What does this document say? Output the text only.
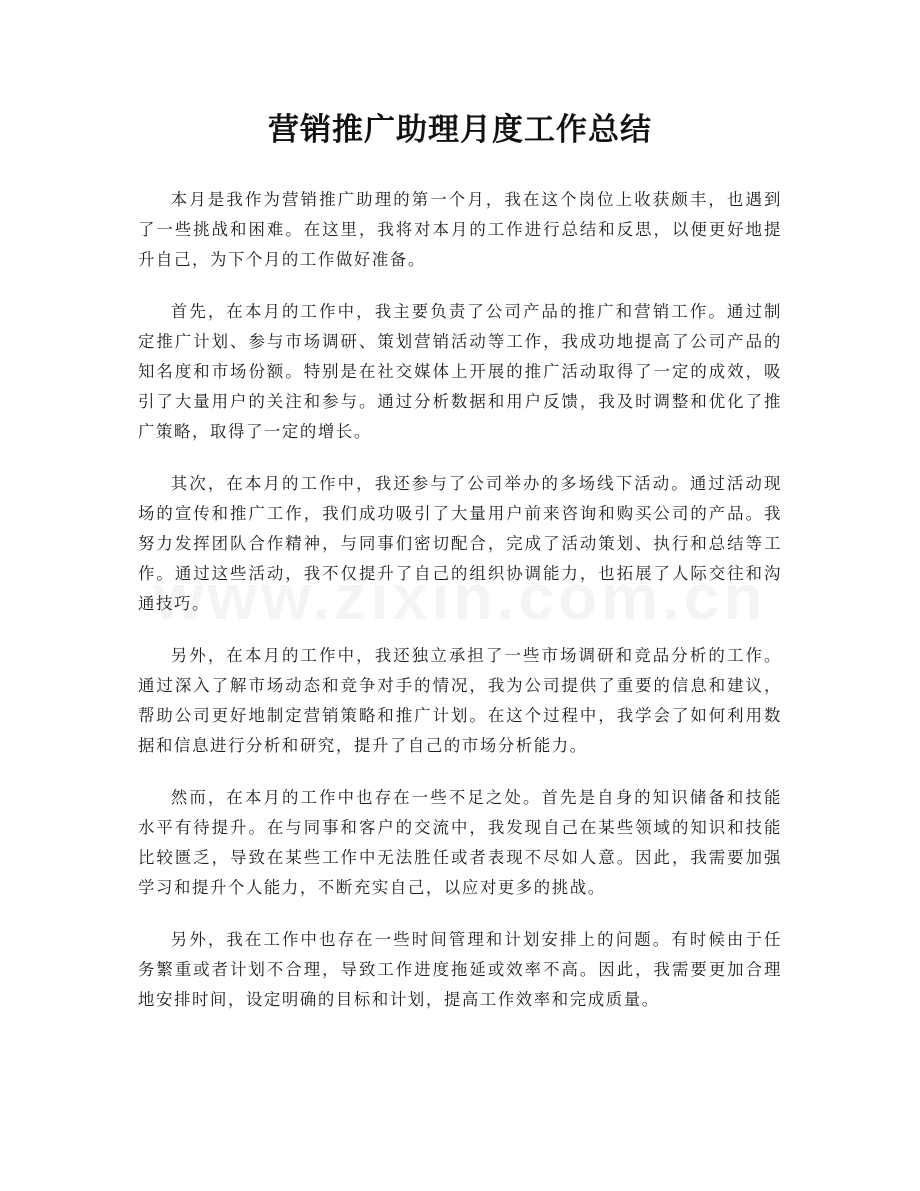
营销推广助理月度工作总结

本月是我作为营销推广助理的第一个月，我在这个岗位上收获颇丰，也遇到了一些挑战和困难。在这里，我将对本月的工作进行总结和反思，以便更好地提升自己，为下个月的工作做好准备。

首先，在本月的工作中，我主要负责了公司产品的推广和营销工作。通过制定推广计划、参与市场调研、策划营销活动等工作，我成功地提高了公司产品的知名度和市场份额。特别是在社交媒体上开展的推广活动取得了一定的成效，吸引了大量用户的关注和参与。通过分析数据和用户反馈，我及时调整和优化了推广策略，取得了一定的增长。

其次，在本月的工作中，我还参与了公司举办的多场线下活动。通过活动现场的宣传和推广工作，我们成功吸引了大量用户前来咨询和购买公司的产品。我努力发挥团队合作精神，与同事们密切配合，完成了活动策划、执行和总结等工作。通过这些活动，我不仅提升了自己的组织协调能力，也拓展了人际交往和沟通技巧。

另外，在本月的工作中，我还独立承担了一些市场调研和竞品分析的工作。通过深入了解市场动态和竞争对手的情况，我为公司提供了重要的信息和建议，帮助公司更好地制定营销策略和推广计划。在这个过程中，我学会了如何利用数据和信息进行分析和研究，提升了自己的市场分析能力。

然而，在本月的工作中也存在一些不足之处。首先是自身的知识储备和技能水平有待提升。在与同事和客户的交流中，我发现自己在某些领域的知识和技能比较匮乏，导致在某些工作中无法胜任或者表现不尽如人意。因此，我需要加强学习和提升个人能力，不断充实自己，以应对更多的挑战。

另外，我在工作中也存在一些时间管理和计划安排上的问题。有时候由于任务繁重或者计划不合理，导致工作进度拖延或效率不高。因此，我需要更加合理地安排时间，设定明确的目标和计划，提高工作效率和完成质量。
